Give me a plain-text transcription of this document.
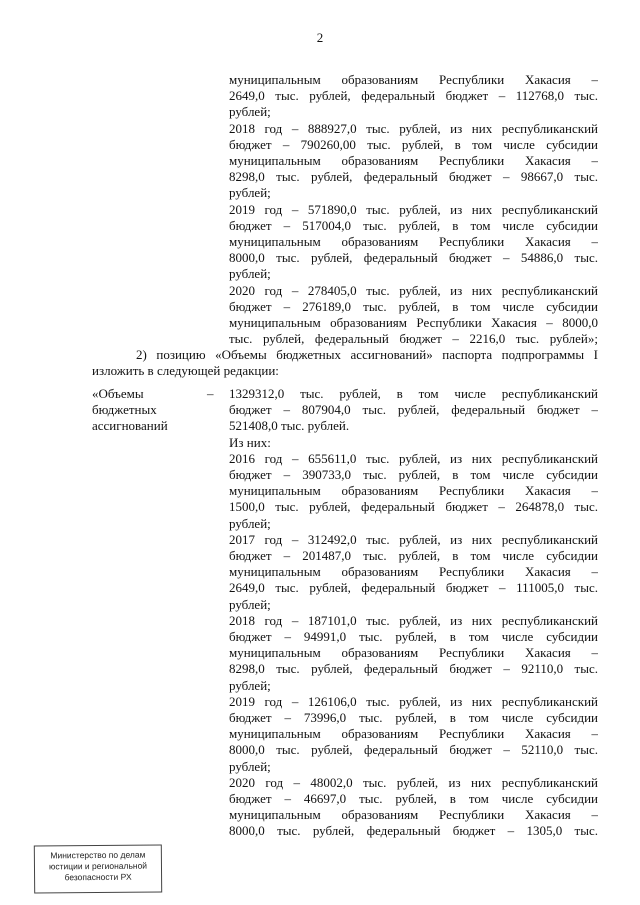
2
муниципальным образованиям Республики Хакасия –
2649,0 тыс. рублей, федеральный бюджет – 112768,0 тыс.
рублей;
2018 год – 888927,0 тыс. рублей, из них республиканский
бюджет – 790260,00 тыс. рублей, в том числе субсидии
муниципальным образованиям Республики Хакасия –
8298,0 тыс. рублей, федеральный бюджет – 98667,0 тыс.
рублей;
2019 год – 571890,0 тыс. рублей, из них республиканский
бюджет – 517004,0 тыс. рублей, в том числе субсидии
муниципальным образованиям Республики Хакасия –
8000,0 тыс. рублей, федеральный бюджет – 54886,0 тыс.
рублей;
2020 год – 278405,0 тыс. рублей, из них республиканский
бюджет – 276189,0 тыс. рублей, в том числе субсидии
муниципальным образованиям Республики Хакасия – 8000,0
тыс. рублей, федеральный бюджет – 2216,0 тыс. рублей»;
2) позицию «Объемы бюджетных ассигнований» паспорта подпрограммы I
изложить в следующей редакции:
«Объемы
бюджетных
ассигнований
– 1329312,0 тыс. рублей, в том числе республиканский
бюджет – 807904,0 тыс. рублей, федеральный бюджет –
521408,0 тыс. рублей.
Из них:
2016 год – 655611,0 тыс. рублей, из них республиканский
бюджет – 390733,0 тыс. рублей, в том числе субсидии
муниципальным образованиям Республики Хакасия –
1500,0 тыс. рублей, федеральный бюджет – 264878,0 тыс.
рублей;
2017 год – 312492,0 тыс. рублей, из них республиканский
бюджет – 201487,0 тыс. рублей, в том числе субсидии
муниципальным образованиям Республики Хакасия –
2649,0 тыс. рублей, федеральный бюджет – 111005,0 тыс.
рублей;
2018 год – 187101,0 тыс. рублей, из них республиканский
бюджет – 94991,0 тыс. рублей, в том числе субсидии
муниципальным образованиям Республики Хакасия –
8298,0 тыс. рублей, федеральный бюджет – 92110,0 тыс.
рублей;
2019 год – 126106,0 тыс. рублей, из них республиканский
бюджет – 73996,0 тыс. рублей, в том числе субсидии
муниципальным образованиям Республики Хакасия –
8000,0 тыс. рублей, федеральный бюджет – 52110,0 тыс.
рублей;
2020 год – 48002,0 тыс. рублей, из них республиканский
бюджет – 46697,0 тыс. рублей, в том числе субсидии
муниципальным образованиям Республики Хакасия –
8000,0 тыс. рублей, федеральный бюджет – 1305,0 тыс.
Министерство по делам
юстиции и региональной
безопасности РХ
